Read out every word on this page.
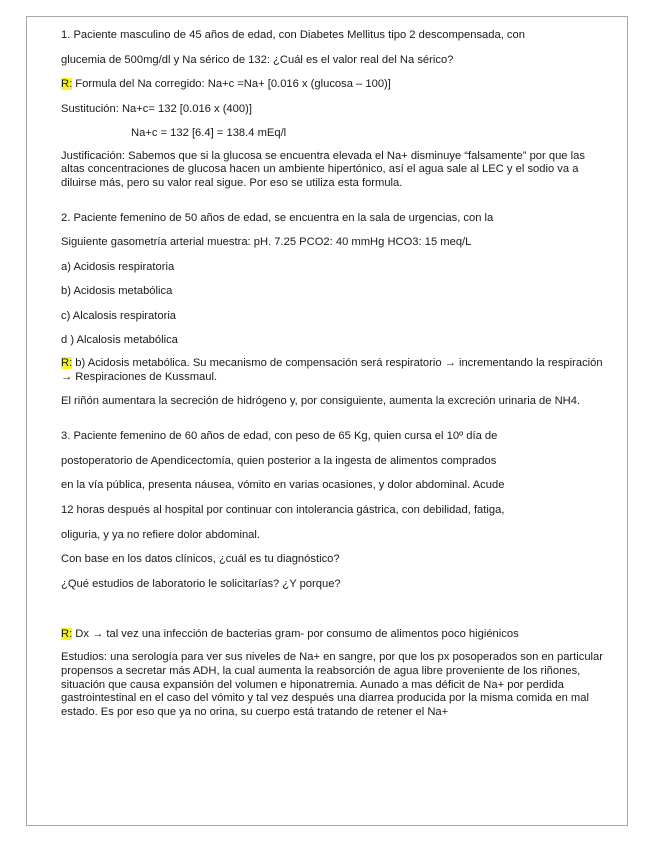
1. Paciente masculino de 45 años de edad, con Diabetes Mellitus tipo 2 descompensada, con
glucemia de 500mg/dl y Na sérico de 132: ¿Cuál es el valor real del Na sérico?
R: Formula del Na corregido: Na+c =Na+ [0.016 x (glucosa – 100)]
Sustitución: Na+c= 132 [0.016 x (400)]
Na+c = 132 [6.4] = 138.4 mEq/l
Justificación: Sabemos que si la glucosa se encuentra elevada el Na+ disminuye “falsamente” por que las altas concentraciones de glucosa hacen un ambiente hipertónico, así el agua sale al LEC y el sodio va a diluirse más, pero su valor real sigue. Por eso se utiliza esta formula.
2. Paciente femenino de 50 años de edad, se encuentra en la sala de urgencias, con la
Siguiente gasometría arterial muestra: pH. 7.25 PCO2: 40 mmHg HCO3: 15 meq/L
a) Acidosis respiratoria
b) Acidosis metabólica
c) Alcalosis respiratoria
d ) Alcalosis metabólica
R: b) Acidosis metabólica. Su mecanismo de compensación será respiratorio → incrementando la respiración → Respiraciones de Kussmaul.
El riñón aumentara la secreción de hidrógeno y, por consiguiente, aumenta la excreción urinaria de NH4.
3. Paciente femenino de 60 años de edad, con peso de 65 Kg, quien cursa el 10º día de
postoperatorio de Apendicectomía, quien posterior a la ingesta de alimentos comprados
en la vía pública, presenta náusea, vómito en varias ocasiones, y dolor abdominal. Acude
12 horas después al hospital por continuar con intolerancia gástrica, con debilidad, fatiga,
oliguria, y ya no refiere dolor abdominal.
Con base en los datos clínicos, ¿cuál es tu diagnóstico?
¿Qué estudios de laboratorio le solicitarías? ¿Y porque?
R: Dx → tal vez una infección de bacterias gram- por consumo de alimentos poco higiénicos
Estudios: una serología para ver sus niveles de Na+ en sangre, por que los px posoperados son en particular propensos a secretar más ADH, la cual aumenta la reabsorción de agua libre proveniente de los riñones, situación que causa expansión del volumen e hiponatremia. Aunado a mas déficit de Na+ por perdida gastrointestinal en el caso del vómito y tal vez después una diarrea producida por la misma comida en mal estado. Es por eso que ya no orina, su cuerpo está tratando de retener el Na+
